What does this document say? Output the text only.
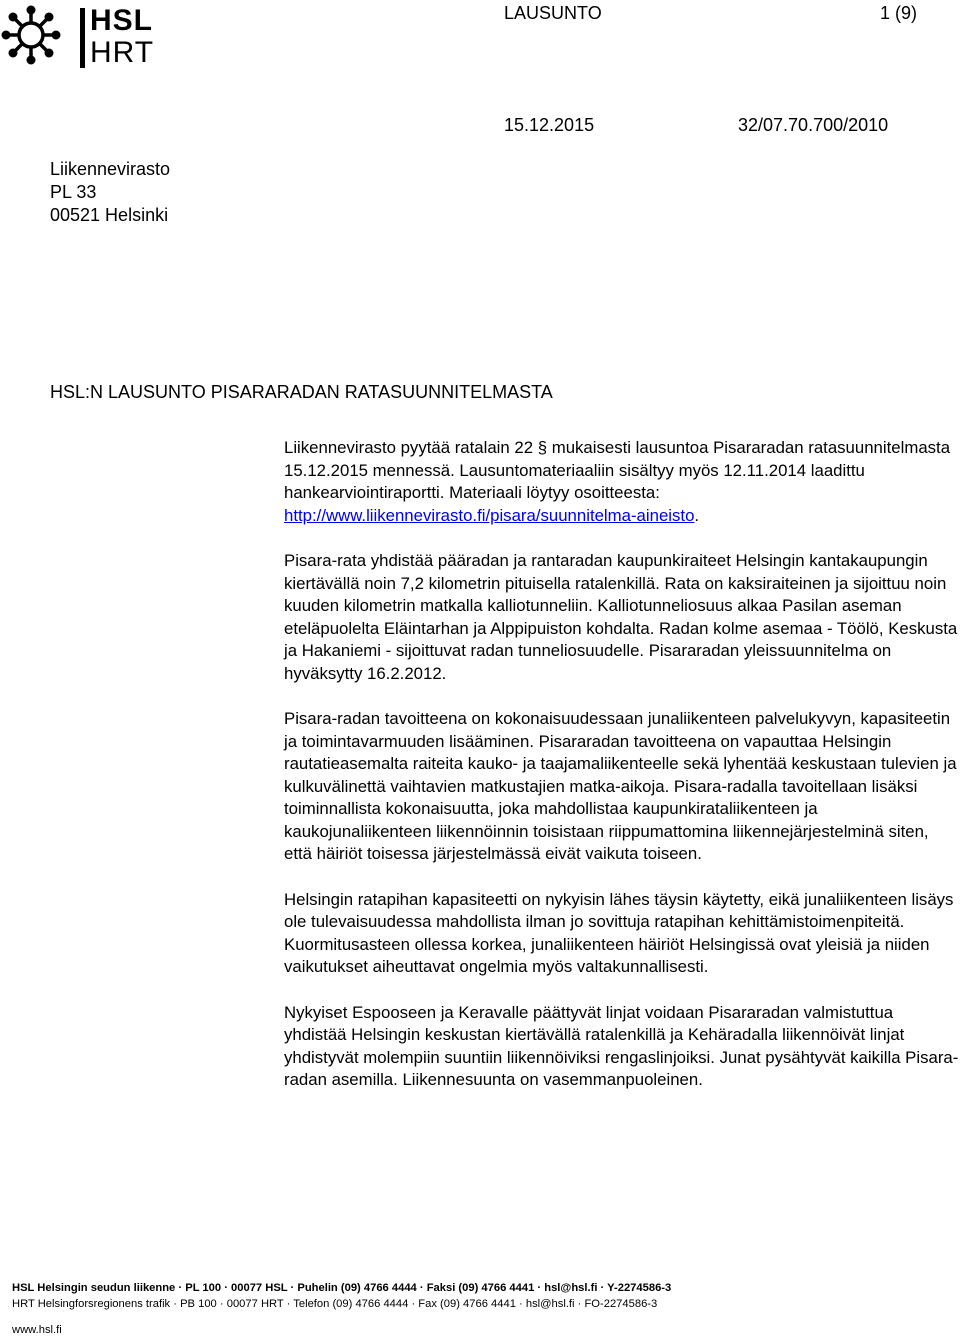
HSL
HRT
LAUSUNTO	1 (9)
15.12.2015	32/07.70.700/2010
Liikennevirasto
PL 33
00521 Helsinki
HSL:N LAUSUNTO PISARARADAN RATASUUNNITELMASTA

Liikennevirasto pyytää ratalain 22 § mukaisesti lausuntoa Pisararadan ratasuunnitelmasta 15.12.2015 mennessä. Lausuntomateriaaliin sisältyy myös 12.11.2014 laadittu hankearviointiraportti. Materiaali löytyy osoitteesta: http://www.liikennevirasto.fi/pisara/suunnitelma-aineisto.

Pisara-rata yhdistää pääradan ja rantaradan kaupunkiraiteet Helsingin kantakaupungin kiertävällä noin 7,2 kilometrin pituisella ratalenkillä. Rata on kaksiraiteinen ja sijoittuu noin kuuden kilometrin matkalla kalliotunneliin. Kalliotunneliosuus alkaa Pasilan aseman eteläpuolelta Eläintarhan ja Alppipuiston kohdalta. Radan kolme asemaa - Töölö, Keskusta ja Hakaniemi - sijoittuvat radan tunneliosuudelle. Pisararadan yleissuunnitelma on hyväksytty 16.2.2012.

Pisara-radan tavoitteena on kokonaisuudessaan junaliikenteen palvelukyvyn, kapasiteetin ja toimintavarmuuden lisääminen. Pisararadan tavoitteena on vapauttaa Helsingin rautatieasemalta raiteita kauko- ja taajamaliikenteelle sekä lyhentää keskustaan tulevien ja kulkuvälinettä vaihtavien matkustajien matka-aikoja. Pisara-radalla tavoitellaan lisäksi toiminnallista kokonaisuutta, joka mahdollistaa kaupunkirataliikenteen ja kaukojunaliikenteen liikennöinnin toisistaan riippumattomina liikennejärjestelminä siten, että häiriöt toisessa järjestelmässä eivät vaikuta toiseen.

Helsingin ratapihan kapasiteetti on nykyisin lähes täysin käytetty, eikä junaliikenteen lisäys ole tulevaisuudessa mahdollista ilman jo sovittuja ratapihan kehittämistoimenpiteitä. Kuormitusasteen ollessa korkea, junaliikenteen häiriöt Helsingissä ovat yleisiä ja niiden vaikutukset aiheuttavat ongelmia myös valtakunnallisesti.

Nykyiset Espooseen ja Keravalle päättyvät linjat voidaan Pisararadan valmistuttua yhdistää Helsingin keskustan kiertävällä ratalenkillä ja Kehäradalla liikennöivät linjat yhdistyvät molempiin suuntiin liikennöiviksi rengaslinjoiksi. Junat pysähtyvät kaikilla Pisara-radan asemilla. Liikennesuunta on vasemmanpuoleinen.

HSL Helsingin seudun liikenne · PL 100 · 00077 HSL · Puhelin (09) 4766 4444 · Faksi (09) 4766 4441 · hsl@hsl.fi · Y-2274586-3
HRT Helsingforsregionens trafik · PB 100 · 00077 HRT · Telefon (09) 4766 4444 · Fax (09) 4766 4441 · hsl@hsl.fi · FO-2274586-3
www.hsl.fi
